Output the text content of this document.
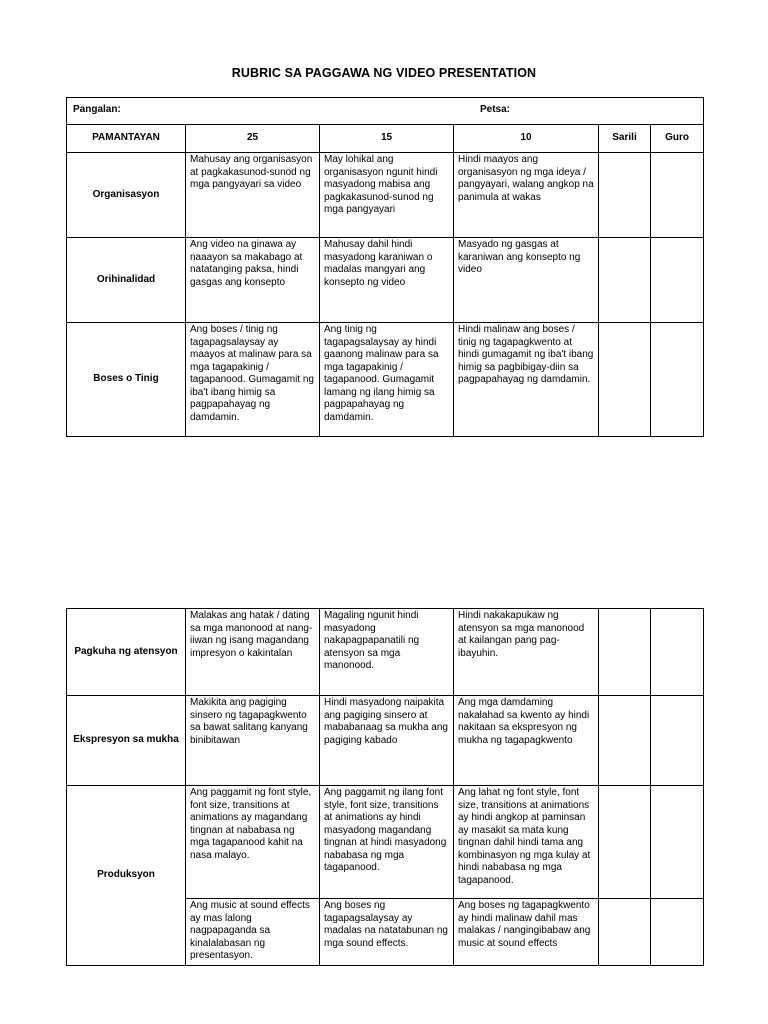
RUBRIC SA PAGGAWA NG VIDEO PRESENTATION
Pangalan: Petsa:					

PAMANTAYAN	25	15	10	Sarili	Guro
Organisasyon	Mahusay ang organisasyon at pagkakasunod-sunod ng mga pangyayari sa video	May lohikal ang organisasyon ngunit hindi masyadong mabisa ang pagkakasunod-sunod ng mga pangyayari	Hindi maayos ang organisasyon ng mga ideya / pangyayari, walang angkop na panimula at wakas		
Orihinalidad	Ang video na ginawa ay naaayon sa makabago at natatanging paksa, hindi gasgas ang konsepto	Mahusay dahil hindi masyadong karaniwan o madalas mangyari ang konsepto ng video	Masyado ng gasgas at karaniwan ang konsepto ng video		
Boses o Tinig	Ang boses / tinig ng tagapagsalaysay ay maayos at malinaw para sa mga tagapakinig / tagapanood. Gumagamit ng iba't ibang himig sa pagpapahayag ng damdamin.	Ang tinig ng tagapagsalaysay ay hindi gaanong malinaw para sa mga tagapakinig / tagapanood. Gumagamit lamang ng ilang himig sa pagpapahayag ng damdamin.	Hindi malinaw ang boses / tinig ng tagapagkwento at hindi gumagamit ng iba't ibang himig sa pagbibigay-diin sa pagpapahayag ng damdamin.		
Pagkuha ng atensyon	Malakas ang hatak / dating sa mga manonood at nang-iiwan ng isang magandang impresyon o kakintalan	Magaling ngunit hindi masyadong nakapagpapanatili ng atensyon sa mga manonood.	Hindi nakakapukaw ng atensyon sa mga manonood at kailangan pang pag-ibayuhin.		
Ekspresyon sa mukha	Makikita ang pagiging sinsero ng tagapagkwento sa bawat salitang kanyang binibitawan	Hindi masyadong naipakita ang pagiging sinsero at mababanaag sa mukha ang pagiging kabado	Ang mga damdaming nakalahad sa kwento ay hindi nakitaan sa ekspresyon ng mukha ng tagapagkwento		
Produksyon	Ang paggamit ng font style, font size, transitions at animations ay magandang tingnan at nababasa ng mga tagapanood kahit na nasa malayo.	Ang paggamit ng ilang font style, font size, transitions at animations ay hindi masyadong magandang tingnan at hindi masyadong nababasa ng mga tagapanood.	Ang lahat ng font style, font size, transitions at animations ay hindi angkop at paminsan ay masakit sa mata kung tingnan dahil hindi tama ang kombinasyon ng mga kulay at hindi nababasa ng mga tagapanood.		
	Ang music at sound effects ay mas lalong nagpapaganda sa kinalalabasan ng presentasyon.	Ang boses ng tagapagsalaysay ay madalas na natatabunan ng mga sound effects.	Ang boses ng tagapagkwento ay hindi malinaw dahil mas malakas / nangingibabaw ang music at sound effects		
